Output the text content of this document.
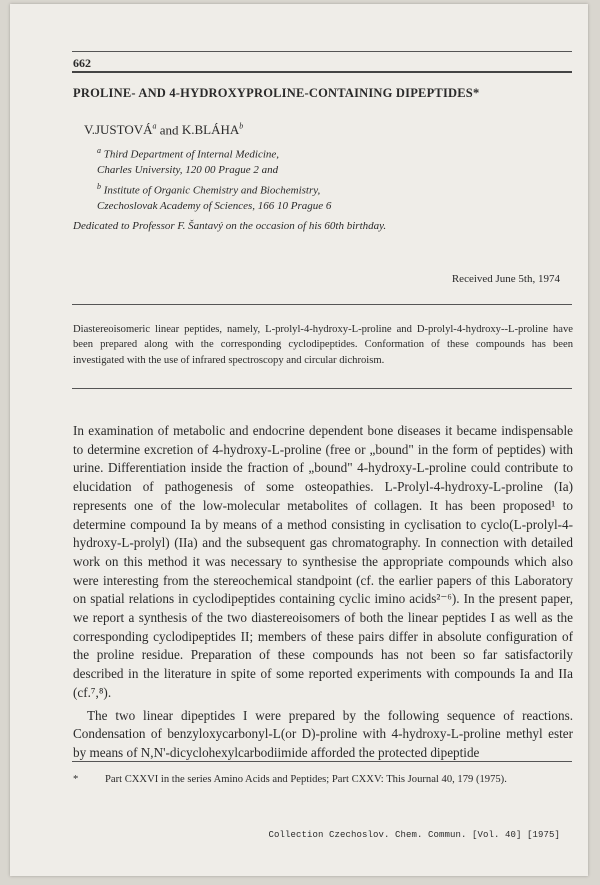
662
PROLINE- AND 4-HYDROXYPROLINE-CONTAINING DIPEPTIDES*
V.JUSTOVÁ$^a$ and K.BLÁHA$^b$
$^a$ Third Department of Internal Medicine,
Charles University, 120 00 Prague 2 and
$^b$ Institute of Organic Chemistry and Biochemistry,
Czechoslovak Academy of Sciences, 166 10 Prague 6
Dedicated to Professor F. Šantavý on the occasion of his 60th birthday.
Received June 5th, 1974
Diastereoisomeric linear peptides, namely, L-prolyl-4-hydroxy-L-proline and D-prolyl-4-hydroxy--L-proline have been prepared along with the corresponding cyclodipeptides. Conformation of these compounds has been investigated with the use of infrared spectroscopy and circular dichroism.

In examination of metabolic and endocrine dependent bone diseases it became indispensable to determine excretion of 4-hydroxy-L-proline (free or „bound" in the form of peptides) with urine. Differentiation inside the fraction of „bound" 4-hydroxy-L-proline could contribute to elucidation of pathogenesis of some osteopathies. L-Prolyl-4-hydroxy-L-proline (Ia) represents one of the low-molecular metabolites of collagen. It has been proposed¹ to determine compound Ia by means of a method consisting in cyclisation to cyclo(L-prolyl-4-hydroxy-L-prolyl) (IIa) and the subsequent gas chromatography. In connection with detailed work on this method it was necessary to synthesise the appropriate compounds which also were interesting from the stereochemical standpoint (cf. the earlier papers of this Laboratory on spatial relations in cyclodipeptides containing cyclic imino acids²⁻⁶). In the present paper, we report a synthesis of the two diastereoisomers of both the linear peptides I as well as the corresponding cyclodipeptides II; members of these pairs differ in absolute configuration of the proline residue. Preparation of these compounds has not been so far satisfactorily described in the literature in spite of some reported experiments with compounds Ia and IIa (cf.⁷,⁸).

The two linear dipeptides I were prepared by the following sequence of reactions. Condensation of benzyloxycarbonyl-L(or D)-proline with 4-hydroxy-L-proline methyl ester by means of N,N'-dicyclohexylcarbodiimide afforded the protected dipeptide

*	Part CXXVI in the series Amino Acids and Peptides; Part CXXV: This Journal 40, 179 (1975).
Collection Czechoslov. Chem. Commun. [Vol. 40] [1975]
